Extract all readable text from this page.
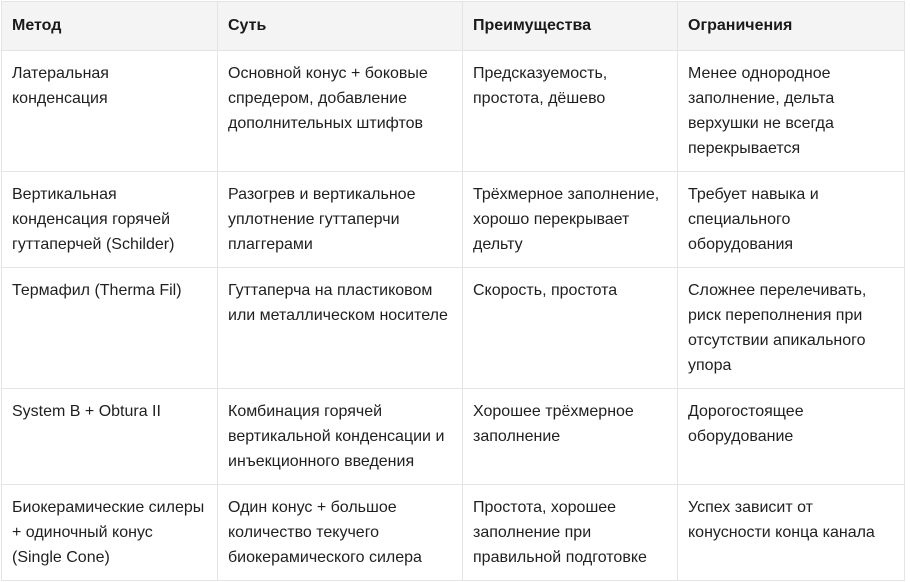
Метод	Суть	Преимущества	Ограничения
Латеральная конденсация	Основной конус + боковые спредером, добавление дополнительных штифтов	Предсказуемость, простота, дёшево	Менее однородное заполнение, дельта верхушки не всегда перекрывается
Вертикальная конденсация горячей гуттаперчей (Schilder)	Разогрев и вертикальное уплотнение гуттаперчи плаггерами	Трёхмерное заполнение, хорошо перекрывает дельту	Требует навыка и специального оборудования
Термафил (Therma Fil)	Гуттаперча на пластиковом или металлическом носителе	Скорость, простота	Сложнее перелечивать, риск переполнения при отсутствии апикального упора
System B + Obtura II	Комбинация горячей вертикальной конденсации и инъекционного введения	Хорошее трёхмерное заполнение	Дорогостоящее оборудование
Биокерамические силеры + одиночный конус (Single Cone)	Один конус + большое количество текучего биокерамического силера	Простота, хорошее заполнение при правильной подготовке	Успех зависит от конусности конца канала
